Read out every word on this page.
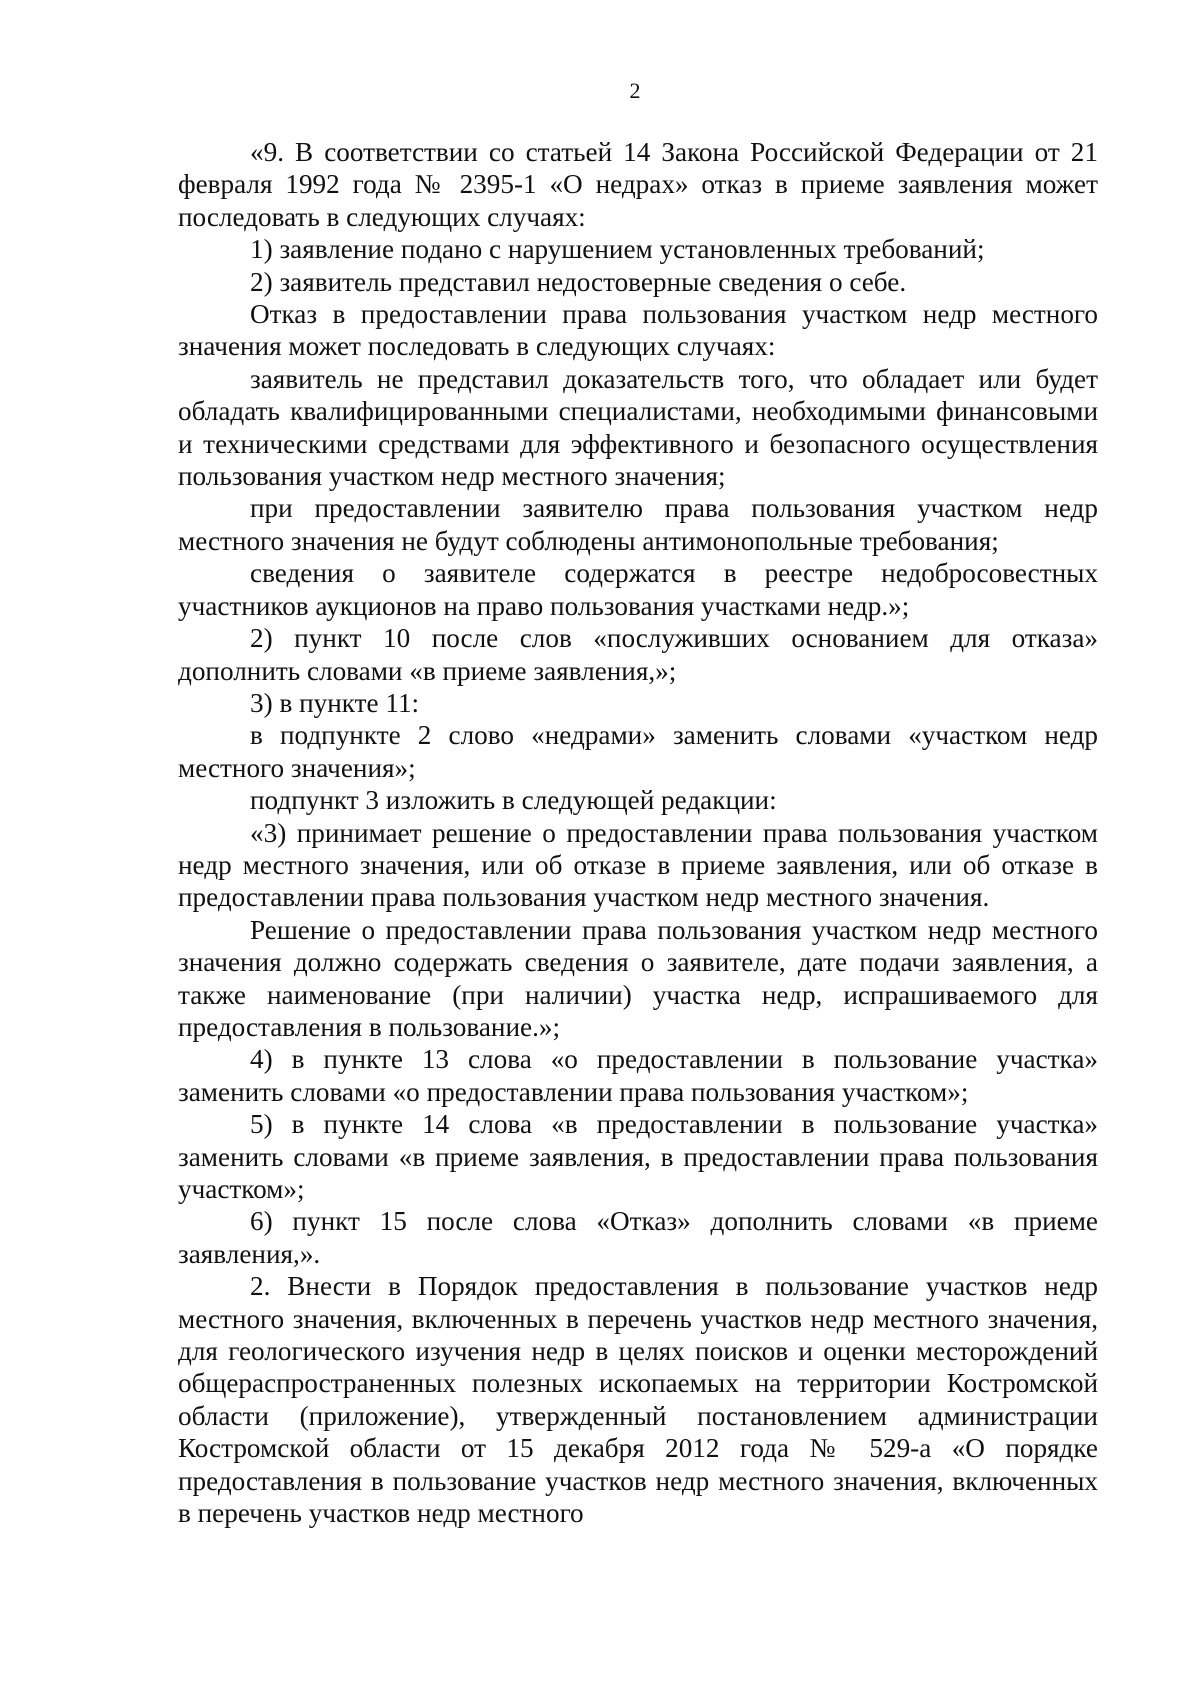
2

«9. В соответствии со статьей 14 Закона Российской Федерации от 21 февраля 1992 года № 2395-1 «О недрах» отказ в приеме заявления может последовать в следующих случаях:

1) заявление подано с нарушением установленных требований;

2) заявитель представил недостоверные сведения о себе.

Отказ в предоставлении права пользования участком недр местного значения может последовать в следующих случаях:

заявитель не представил доказательств того, что обладает или будет обладать квалифицированными специалистами, необходимыми финансовыми и техническими средствами для эффективного и безопасного осуществления пользования участком недр местного значения;

при предоставлении заявителю права пользования участком недр местного значения не будут соблюдены антимонопольные требования;

сведения о заявителе содержатся в реестре недобросовестных участников аукционов на право пользования участками недр.»;

2) пункт 10 после слов «послуживших основанием для отказа» дополнить словами «в приеме заявления,»;

3) в пункте 11:

в подпункте 2 слово «недрами» заменить словами «участком недр местного значения»;

подпункт 3 изложить в следующей редакции:

«3) принимает решение о предоставлении права пользования участком недр местного значения, или об отказе в приеме заявления, или об отказе в предоставлении права пользования участком недр местного значения.

Решение о предоставлении права пользования участком недр местного значения должно содержать сведения о заявителе, дате подачи заявления, а также наименование (при наличии) участка недр, испрашиваемого для предоставления в пользование.»;

4) в пункте 13 слова «о предоставлении в пользование участка» заменить словами «о предоставлении права пользования участком»;

5) в пункте 14 слова «в предоставлении в пользование участка» заменить словами «в приеме заявления, в предоставлении права пользования участком»;

6) пункт 15 после слова «Отказ» дополнить словами «в приеме заявления,».

2. Внести в Порядок предоставления в пользование участков недр местного значения, включенных в перечень участков недр местного значения, для геологического изучения недр в целях поисков и оценки месторождений общераспространенных полезных ископаемых на территории Костромской области (приложение), утвержденный постановлением администрации Костромской области от 15 декабря 2012 года № 529-а «О порядке предоставления в пользование участков недр местного значения, включенных в перечень участков недр местного
